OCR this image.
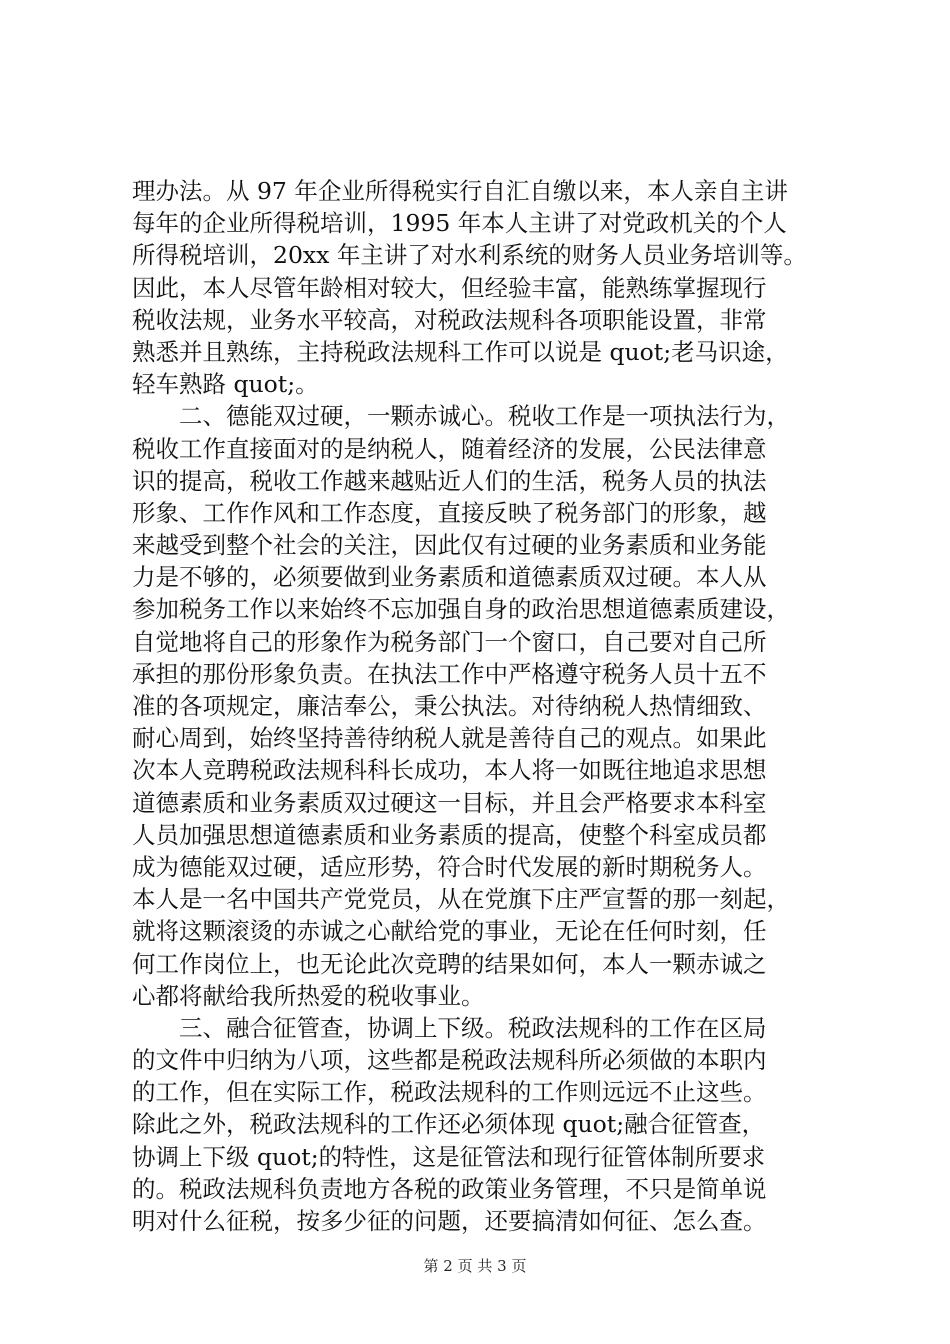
理办法。从 97 年企业所得税实行自汇自缴以来，本人亲自主讲
每年的企业所得税培训，1995 年本人主讲了对党政机关的个人
所得税培训，20xx 年主讲了对水利系统的财务人员业务培训等。
因此，本人尽管年龄相对较大，但经验丰富，能熟练掌握现行
税收法规，业务水平较高，对税政法规科各项职能设置，非常
熟悉并且熟练，主持税政法规科工作可以说是 quot;老马识途，
轻车熟路 quot;。
二、德能双过硬，一颗赤诚心。税收工作是一项执法行为，
税收工作直接面对的是纳税人，随着经济的发展，公民法律意
识的提高，税收工作越来越贴近人们的生活，税务人员的执法
形象、工作作风和工作态度，直接反映了税务部门的形象，越
来越受到整个社会的关注，因此仅有过硬的业务素质和业务能
力是不够的，必须要做到业务素质和道德素质双过硬。本人从
参加税务工作以来始终不忘加强自身的政治思想道德素质建设，
自觉地将自己的形象作为税务部门一个窗口，自己要对自己所
承担的那份形象负责。在执法工作中严格遵守税务人员十五不
准的各项规定，廉洁奉公，秉公执法。对待纳税人热情细致、
耐心周到，始终坚持善待纳税人就是善待自己的观点。如果此
次本人竞聘税政法规科科长成功，本人将一如既往地追求思想
道德素质和业务素质双过硬这一目标，并且会严格要求本科室
人员加强思想道德素质和业务素质的提高，使整个科室成员都
成为德能双过硬，适应形势，符合时代发展的新时期税务人。
本人是一名中国共产党党员，从在党旗下庄严宣誓的那一刻起，
就将这颗滚烫的赤诚之心献给党的事业，无论在任何时刻，任
何工作岗位上，也无论此次竞聘的结果如何，本人一颗赤诚之
心都将献给我所热爱的税收事业。
三、融合征管查，协调上下级。税政法规科的工作在区局
的文件中归纳为八项，这些都是税政法规科所必须做的本职内
的工作，但在实际工作，税政法规科的工作则远远不止这些。
除此之外，税政法规科的工作还必须体现 quot;融合征管查，
协调上下级 quot;的特性，这是征管法和现行征管体制所要求
的。税政法规科负责地方各税的政策业务管理，不只是简单说
明对什么征税，按多少征的问题，还要搞清如何征、怎么查。
第 2 页 共 3 页
